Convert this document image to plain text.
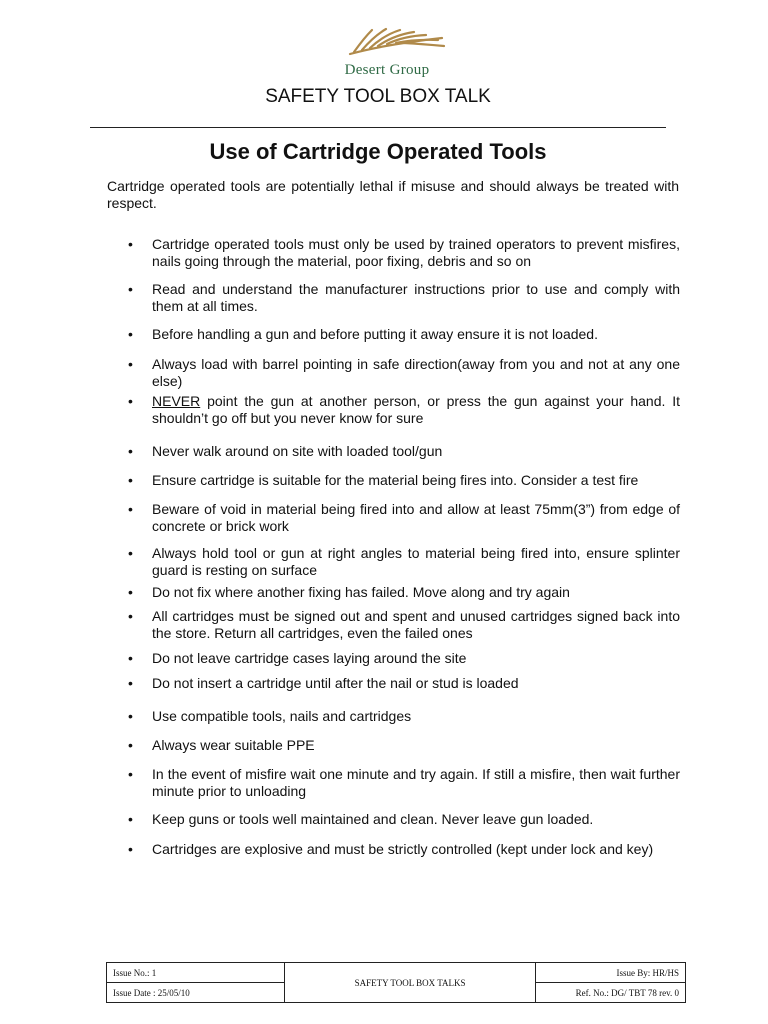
Desert Group
SAFETY TOOL BOX TALK
Use of Cartridge Operated Tools
Cartridge operated tools are potentially lethal if misuse and should always be treated with respect.
• Cartridge operated tools must only be used by trained operators to prevent misfires, nails going through the material, poor fixing, debris and so on
• Read and understand the manufacturer instructions prior to use and comply with them at all times.
• Before handling a gun and before putting it away ensure it is not loaded.
• Always load with barrel pointing in safe direction(away from you and not at any one else)
• NEVER point the gun at another person, or press the gun against your hand. It shouldn’t go off but you never know for sure
• Never walk around on site with loaded tool/gun
• Ensure cartridge is suitable for the material being fires into. Consider a test fire
• Beware of void in material being fired into and allow at least 75mm(3”) from edge of concrete or brick work
• Always hold tool or gun at right angles to material being fired into, ensure splinter guard is resting on surface
• Do not fix where another fixing has failed. Move along and try again
• All cartridges must be signed out and spent and unused cartridges signed back into the store. Return all cartridges, even the failed ones
• Do not leave cartridge cases laying around the site
• Do not insert a cartridge until after the nail or stud is loaded
• Use compatible tools, nails and cartridges
• Always wear suitable PPE
• In the event of misfire wait one minute and try again. If still a misfire, then wait further minute prior to unloading
• Keep guns or tools well maintained and clean. Never leave gun loaded.
• Cartridges are explosive and must be strictly controlled (kept under lock and key)
Issue No.: 1	SAFETY TOOL BOX TALKS	Issue By: HR/HS
Issue Date : 25/05/10		Ref. No.: DG/ TBT 78 rev. 0
